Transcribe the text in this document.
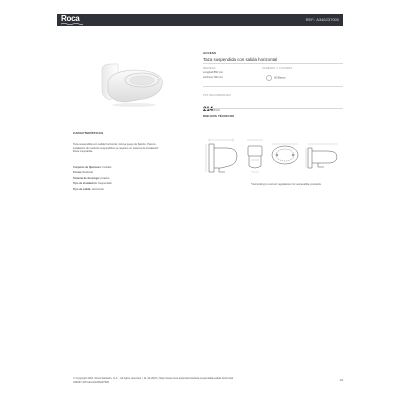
Roca	REF.: A346237000
ACCESS
Taza suspendida con salida horizontal
MEDIDAS
Longitud 860 mm
Anchura 700 mm
ACABADO Y COLORES
00 Blanco
PVP RECOMENDADO
214€/Ud
DIBUJOS TÉCNICOS
CARACTERÍSTICAS
Taza suspendida con salida horizontal, incluye juego de fijación. Para la
instalación de inodoros suspendidos se requiere un sistema de instalación
Roca compatible.
Conjunto de fijaciones: Incluido
Forma: Redondo
Sistema de descarga: Arrastre
Tipo de instalación: Suspendido
Tipo de salida: Horizontal
*According to current regulations for accessible products
© Copyright 2021. Roca Sanitario, S.A. · All rights reserved. | 11-12-2021 | https://www.roca.es/productos/taza-suspendida-salida-horizontal
346237-2/Product/A346237000
1/4
